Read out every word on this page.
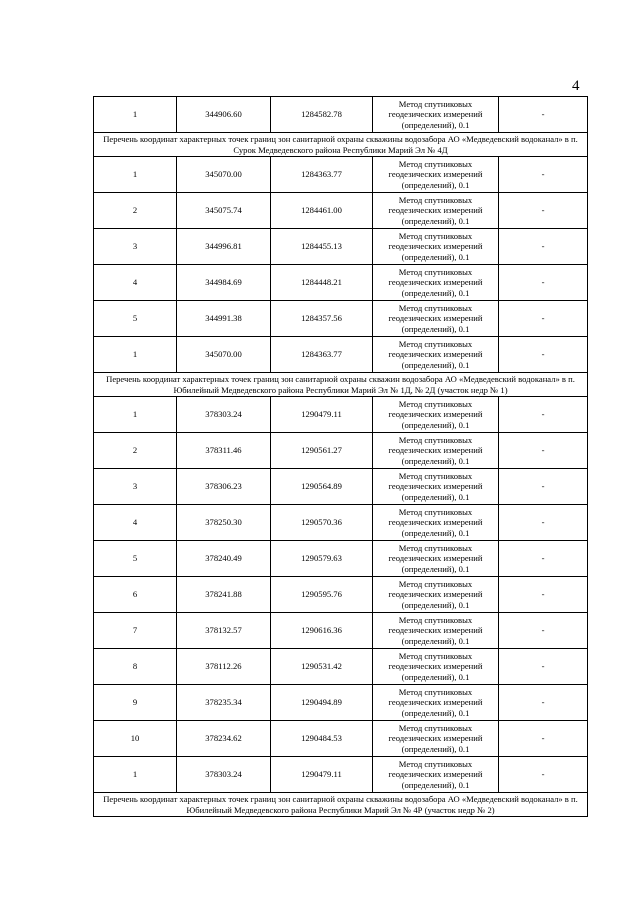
4
1	344906.60	1284582.78	Метод спутниковых
геодезических измерений
(определений), 0.1	-
Перечень координат характерных точек границ зон санитарной охраны скважины водозабора АО «Медведевский водоканал» в п. Сурок Медведевского района Республики Марий Эл № 4Д				
1	345070.00	1284363.77	Метод спутниковых
геодезических измерений
(определений), 0.1	-
2	345075.74	1284461.00	Метод спутниковых
геодезических измерений
(определений), 0.1	-
3	344996.81	1284455.13	Метод спутниковых
геодезических измерений
(определений), 0.1	-
4	344984.69	1284448.21	Метод спутниковых
геодезических измерений
(определений), 0.1	-
5	344991.38	1284357.56	Метод спутниковых
геодезических измерений
(определений), 0.1	-
1	345070.00	1284363.77	Метод спутниковых
геодезических измерений
(определений), 0.1	-
Перечень координат характерных точек границ зон санитарной охраны скважин водозабора АО «Медведевский водоканал» в п. Юбилейный Медведевского района Республики Марий Эл № 1Д, № 2Д (участок недр № 1)				
1	378303.24	1290479.11	Метод спутниковых
геодезических измерений
(определений), 0.1	-
2	378311.46	1290561.27	Метод спутниковых
геодезических измерений
(определений), 0.1	-
3	378306.23	1290564.89	Метод спутниковых
геодезических измерений
(определений), 0.1	-
4	378250.30	1290570.36	Метод спутниковых
геодезических измерений
(определений), 0.1	-
5	378240.49	1290579.63	Метод спутниковых
геодезических измерений
(определений), 0.1	-
6	378241.88	1290595.76	Метод спутниковых
геодезических измерений
(определений), 0.1	-
7	378132.57	1290616.36	Метод спутниковых
геодезических измерений
(определений), 0.1	-
8	378112.26	1290531.42	Метод спутниковых
геодезических измерений
(определений), 0.1	-
9	378235.34	1290494.89	Метод спутниковых
геодезических измерений
(определений), 0.1	-
10	378234.62	1290484.53	Метод спутниковых
геодезических измерений
(определений), 0.1	-
1	378303.24	1290479.11	Метод спутниковых
геодезических измерений
(определений), 0.1	-
Перечень координат характерных точек границ зон санитарной охраны скважины водозабора АО «Медведевский водоканал» в п. Юбилейный Медведевского района Республики Марий Эл № 4Р (участок недр № 2)				
